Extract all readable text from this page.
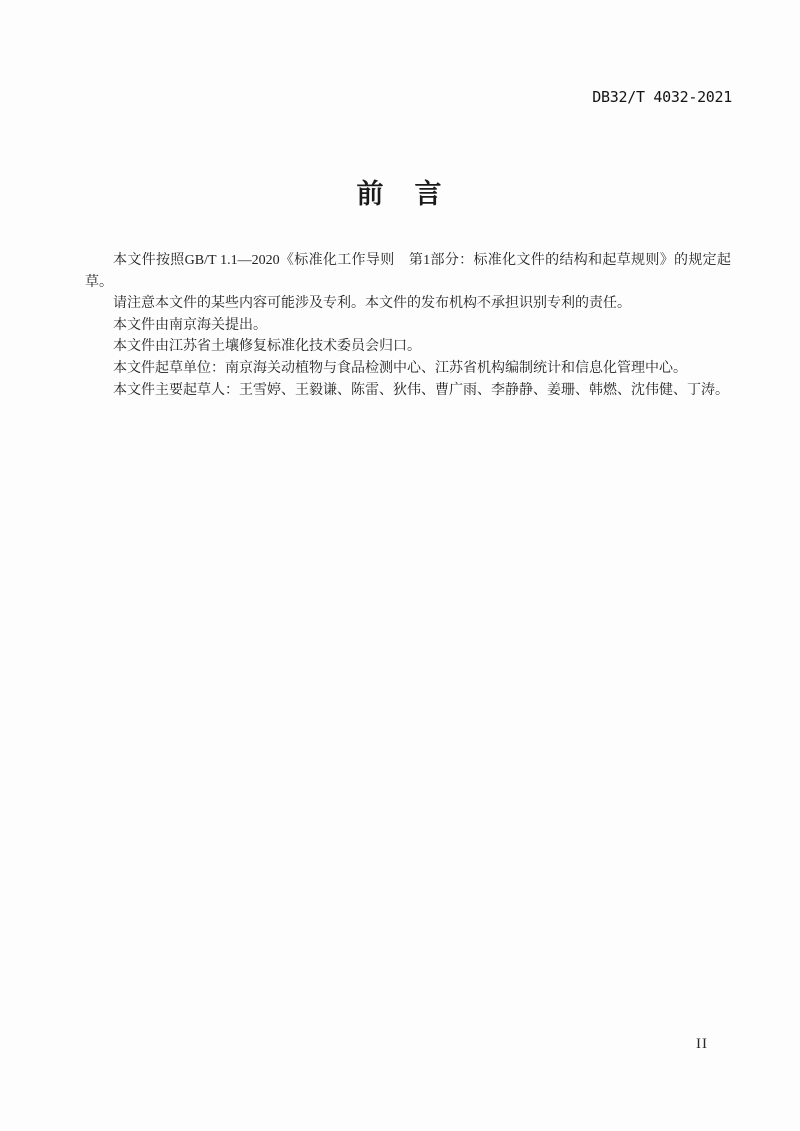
DB32/T 4032-2021
前　言

本文件按照GB/T 1.1—2020《标准化工作导则　第1部分：标准化文件的结构和起草规则》的规定起草。

请注意本文件的某些内容可能涉及专利。本文件的发布机构不承担识别专利的责任。

本文件由南京海关提出。

本文件由江苏省土壤修复标准化技术委员会归口。

本文件起草单位：南京海关动植物与食品检测中心、江苏省机构编制统计和信息化管理中心。

本文件主要起草人：王雪婷、王毅谦、陈雷、狄伟、曹广雨、李静静、姜珊、韩燃、沈伟健、丁涛。

II
